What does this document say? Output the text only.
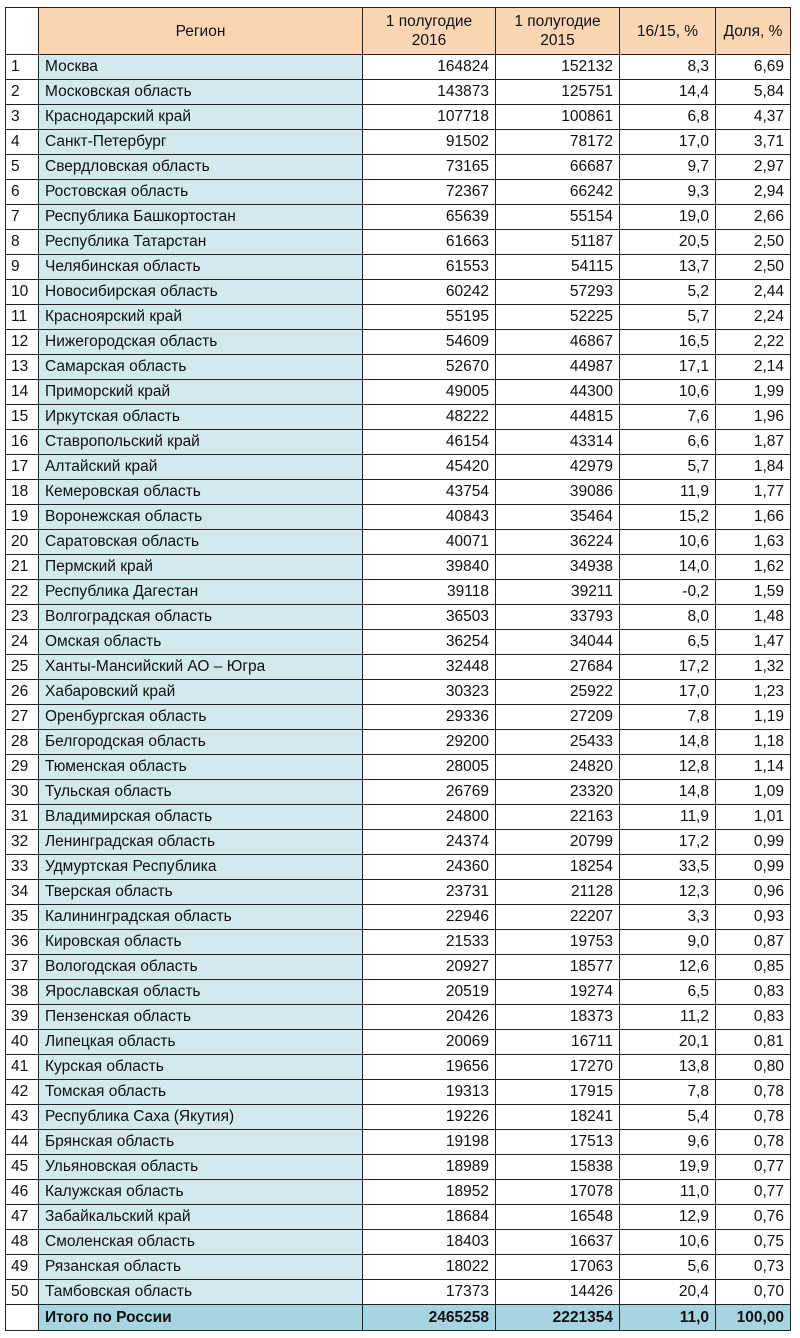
	Регион	1 полугодие 2016	1 полугодие 2015	16/15, %	Доля, %
1	Москва	164824	152132	8,3	6,69
2	Московская область	143873	125751	14,4	5,84
3	Краснодарский край	107718	100861	6,8	4,37
4	Санкт-Петербург	91502	78172	17,0	3,71
5	Свердловская область	73165	66687	9,7	2,97
6	Ростовская область	72367	66242	9,3	2,94
7	Республика Башкортостан	65639	55154	19,0	2,66
8	Республика Татарстан	61663	51187	20,5	2,50
9	Челябинская область	61553	54115	13,7	2,50
10	Новосибирская область	60242	57293	5,2	2,44
11	Красноярский край	55195	52225	5,7	2,24
12	Нижегородская область	54609	46867	16,5	2,22
13	Самарская область	52670	44987	17,1	2,14
14	Приморский край	49005	44300	10,6	1,99
15	Иркутская область	48222	44815	7,6	1,96
16	Ставропольский край	46154	43314	6,6	1,87
17	Алтайский край	45420	42979	5,7	1,84
18	Кемеровская область	43754	39086	11,9	1,77
19	Воронежская область	40843	35464	15,2	1,66
20	Саратовская область	40071	36224	10,6	1,63
21	Пермский край	39840	34938	14,0	1,62
22	Республика Дагестан	39118	39211	-0,2	1,59
23	Волгоградская область	36503	33793	8,0	1,48
24	Омская область	36254	34044	6,5	1,47
25	Ханты-Мансийский АО – Югра	32448	27684	17,2	1,32
26	Хабаровский край	30323	25922	17,0	1,23
27	Оренбургская область	29336	27209	7,8	1,19
28	Белгородская область	29200	25433	14,8	1,18
29	Тюменская область	28005	24820	12,8	1,14
30	Тульская область	26769	23320	14,8	1,09
31	Владимирская область	24800	22163	11,9	1,01
32	Ленинградская область	24374	20799	17,2	0,99
33	Удмуртская Республика	24360	18254	33,5	0,99
34	Тверская область	23731	21128	12,3	0,96
35	Калининградская область	22946	22207	3,3	0,93
36	Кировская область	21533	19753	9,0	0,87
37	Вологодская область	20927	18577	12,6	0,85
38	Ярославская область	20519	19274	6,5	0,83
39	Пензенская область	20426	18373	11,2	0,83
40	Липецкая область	20069	16711	20,1	0,81
41	Курская область	19656	17270	13,8	0,80
42	Томская область	19313	17915	7,8	0,78
43	Республика Саха (Якутия)	19226	18241	5,4	0,78
44	Брянская область	19198	17513	9,6	0,78
45	Ульяновская область	18989	15838	19,9	0,77
46	Калужская область	18952	17078	11,0	0,77
47	Забайкальский край	18684	16548	12,9	0,76
48	Смоленская область	18403	16637	10,6	0,75
49	Рязанская область	18022	17063	5,6	0,73
50	Тамбовская область	17373	14426	20,4	0,70
	Итого по России	2465258	2221354	11,0	100,00
